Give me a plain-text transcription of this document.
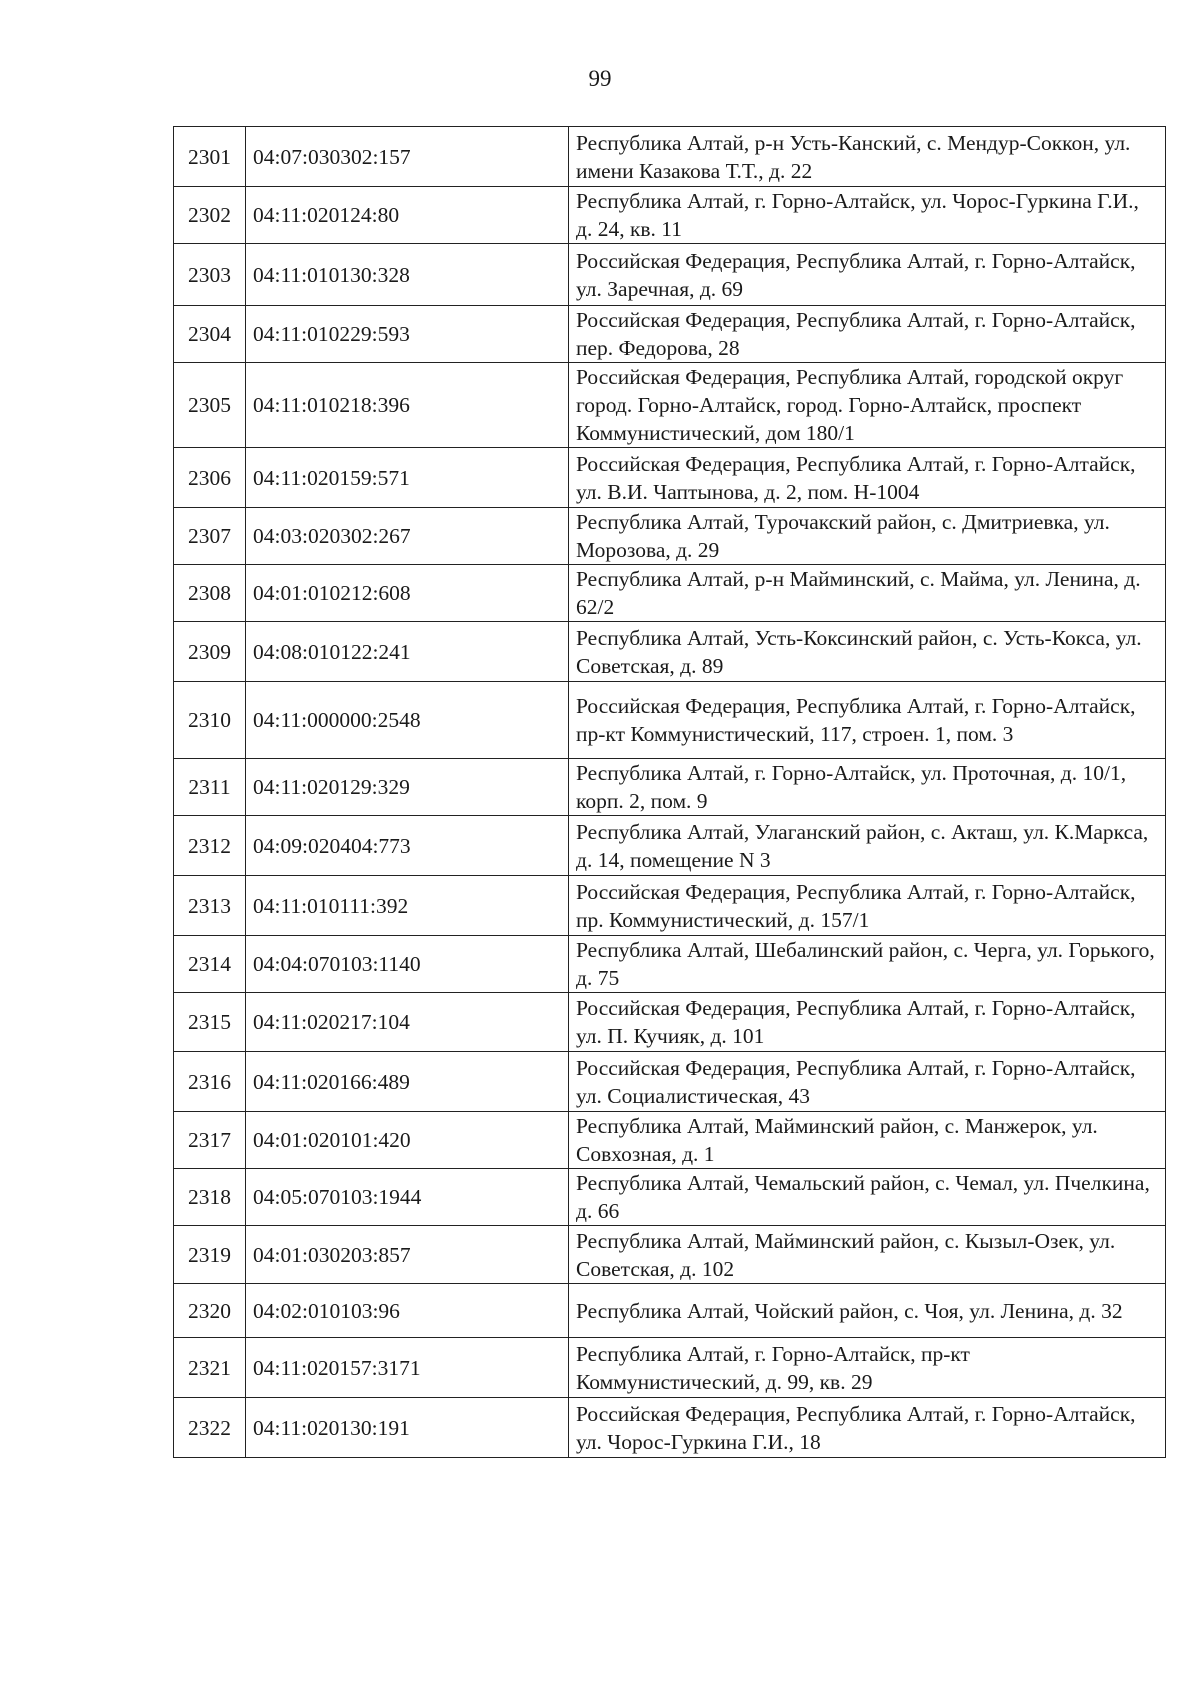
99
2301	04:07:030302:157	Республика Алтай, р-н Усть-Канский, с. Мендур-Соккон, ул. имени Казакова Т.Т., д. 22
2302	04:11:020124:80	Республика Алтай, г. Горно-Алтайск, ул. Чорос-Гуркина Г.И., д. 24, кв. 11
2303	04:11:010130:328	Российская Федерация, Республика Алтай, г. Горно-Алтайск, ул. Заречная, д. 69
2304	04:11:010229:593	Российская Федерация, Республика Алтай, г. Горно-Алтайск, пер. Федорова, 28
2305	04:11:010218:396	Российская Федерация, Республика Алтай, городской округ город. Горно-Алтайск, город. Горно-Алтайск, проспект Коммунистический, дом 180/1
2306	04:11:020159:571	Российская Федерация, Республика Алтай, г. Горно-Алтайск, ул. В.И. Чаптынова, д. 2, пом. Н-1004
2307	04:03:020302:267	Республика Алтай, Турочакский район, с. Дмитриевка, ул. Морозова, д. 29
2308	04:01:010212:608	Республика Алтай, р-н Майминский, с. Майма, ул. Ленина, д. 62/2
2309	04:08:010122:241	Республика Алтай, Усть-Коксинский район, с. Усть-Кокса, ул. Советская, д. 89
2310	04:11:000000:2548	Российская Федерация, Республика Алтай, г. Горно-Алтайск, пр-кт Коммунистический, 117, строен. 1, пом. 3
2311	04:11:020129:329	Республика Алтай, г. Горно-Алтайск, ул. Проточная, д. 10/1, корп. 2, пом. 9
2312	04:09:020404:773	Республика Алтай, Улаганский район, с. Акташ, ул. К.Маркса, д. 14, помещение N 3
2313	04:11:010111:392	Российская Федерация, Республика Алтай, г. Горно-Алтайск, пр. Коммунистический, д. 157/1
2314	04:04:070103:1140	Республика Алтай, Шебалинский район, с. Черга, ул. Горького, д. 75
2315	04:11:020217:104	Российская Федерация, Республика Алтай, г. Горно-Алтайск, ул. П. Кучияк, д. 101
2316	04:11:020166:489	Российская Федерация, Республика Алтай, г. Горно-Алтайск, ул. Социалистическая, 43
2317	04:01:020101:420	Республика Алтай, Майминский район, с. Манжерок, ул. Совхозная, д. 1
2318	04:05:070103:1944	Республика Алтай, Чемальский район, с. Чемал, ул. Пчелкина, д. 66
2319	04:01:030203:857	Республика Алтай, Майминский район, с. Кызыл-Озек, ул. Советская, д. 102
2320	04:02:010103:96	Республика Алтай, Чойский район, с. Чоя, ул. Ленина, д. 32
2321	04:11:020157:3171	Республика Алтай, г. Горно-Алтайск, пр-кт Коммунистический, д. 99, кв. 29
2322	04:11:020130:191	Российская Федерация, Республика Алтай, г. Горно-Алтайск, ул. Чорос-Гуркина Г.И., 18
